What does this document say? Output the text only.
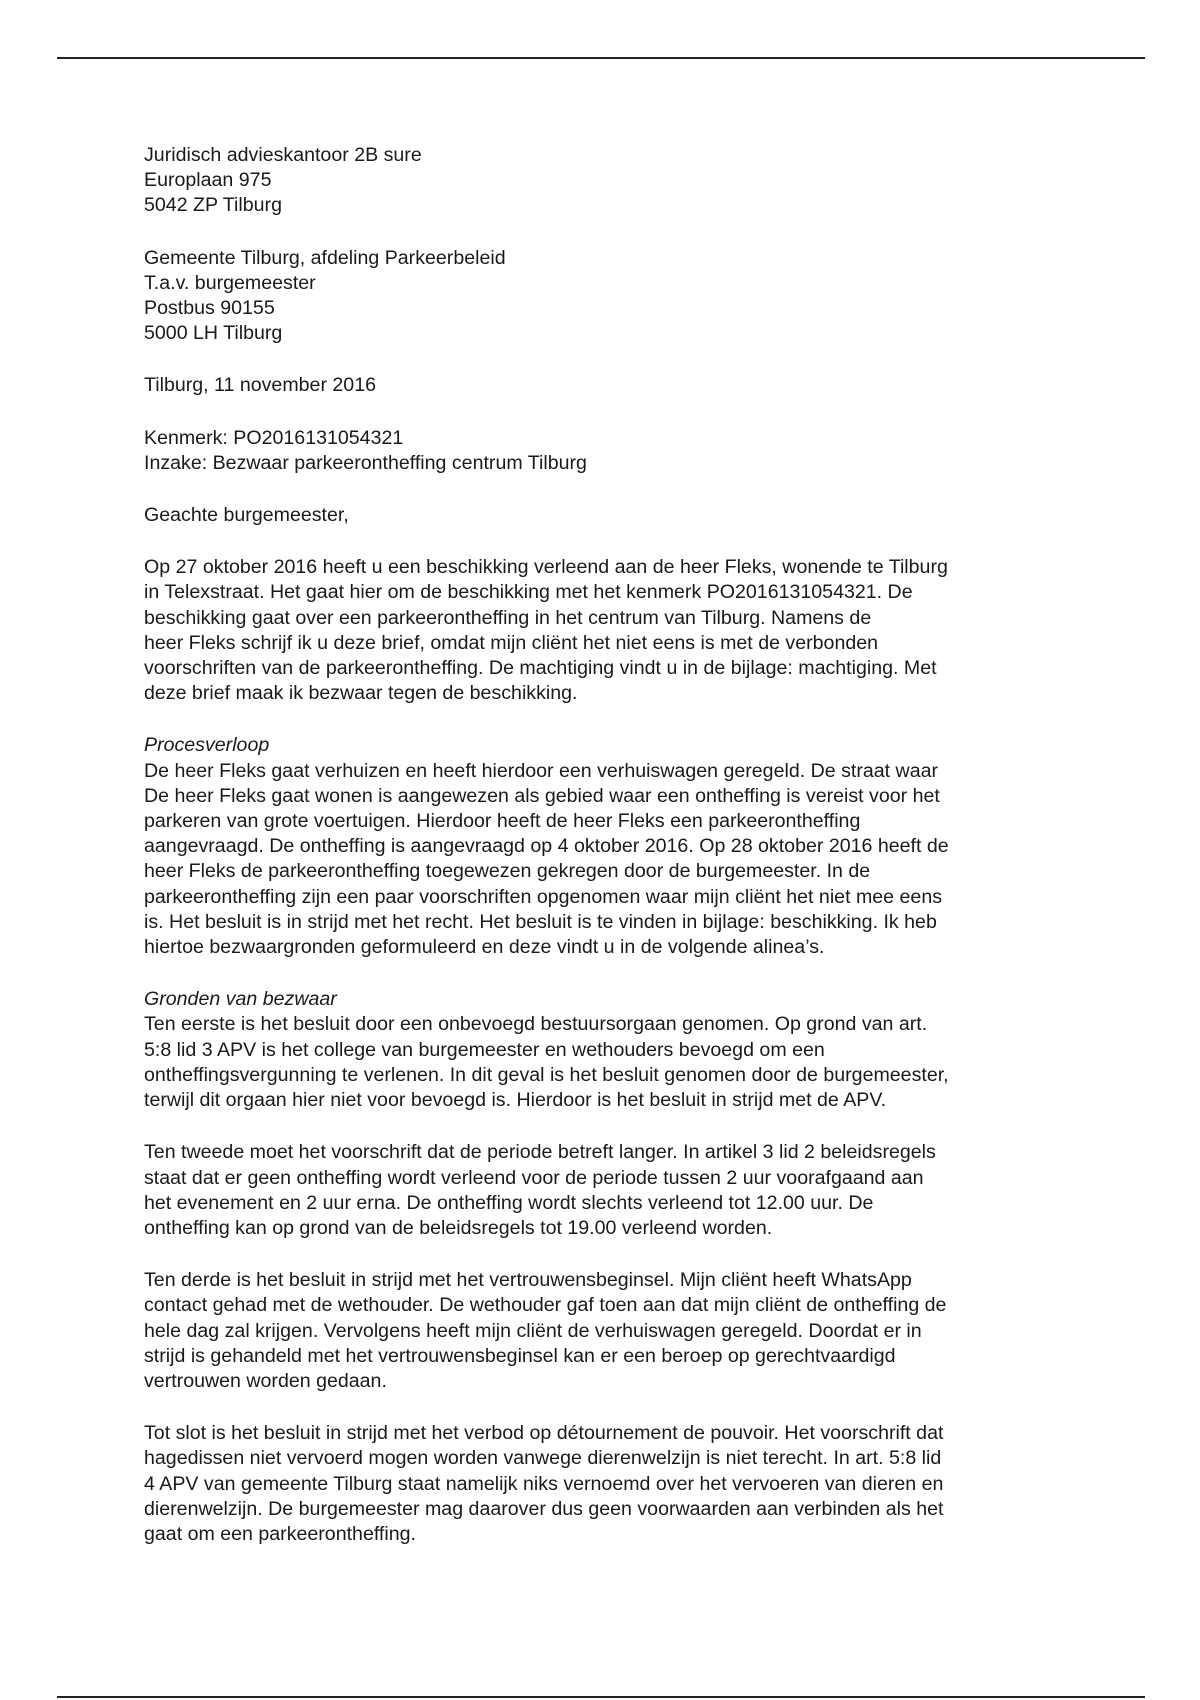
Juridisch advieskantoor 2B sure
Europlaan 975
5042 ZP Tilburg
Gemeente Tilburg, afdeling Parkeerbeleid
T.a.v. burgemeester
Postbus 90155
5000 LH Tilburg
Tilburg, 11 november 2016
Kenmerk: PO2016131054321
Inzake: Bezwaar parkeerontheffing centrum Tilburg
Geachte burgemeester,
Op 27 oktober 2016 heeft u een beschikking verleend aan de heer Fleks, wonende te Tilburg
in Telexstraat. Het gaat hier om de beschikking met het kenmerk PO2016131054321. De
beschikking gaat over een parkeerontheffing in het centrum van Tilburg. Namens de
heer Fleks schrijf ik u deze brief, omdat mijn cliënt het niet eens is met de verbonden
voorschriften van de parkeerontheffing. De machtiging vindt u in de bijlage: machtiging. Met
deze brief maak ik bezwaar tegen de beschikking.
Procesverloop
De heer Fleks gaat verhuizen en heeft hierdoor een verhuiswagen geregeld. De straat waar
De heer Fleks gaat wonen is aangewezen als gebied waar een ontheffing is vereist voor het
parkeren van grote voertuigen. Hierdoor heeft de heer Fleks een parkeerontheffing
aangevraagd. De ontheffing is aangevraagd op 4 oktober 2016. Op 28 oktober 2016 heeft de
heer Fleks de parkeerontheffing toegewezen gekregen door de burgemeester. In de
parkeerontheffing zijn een paar voorschriften opgenomen waar mijn cliënt het niet mee eens
is. Het besluit is in strijd met het recht. Het besluit is te vinden in bijlage: beschikking. Ik heb
hiertoe bezwaargronden geformuleerd en deze vindt u in de volgende alinea’s.
Gronden van bezwaar
Ten eerste is het besluit door een onbevoegd bestuursorgaan genomen. Op grond van art.
5:8 lid 3 APV is het college van burgemeester en wethouders bevoegd om een
ontheffingsvergunning te verlenen. In dit geval is het besluit genomen door de burgemeester,
terwijl dit orgaan hier niet voor bevoegd is. Hierdoor is het besluit in strijd met de APV.
Ten tweede moet het voorschrift dat de periode betreft langer. In artikel 3 lid 2 beleidsregels
staat dat er geen ontheffing wordt verleend voor de periode tussen 2 uur voorafgaand aan
het evenement en 2 uur erna. De ontheffing wordt slechts verleend tot 12.00 uur. De
ontheffing kan op grond van de beleidsregels tot 19.00 verleend worden.
Ten derde is het besluit in strijd met het vertrouwensbeginsel. Mijn cliënt heeft WhatsApp
contact gehad met de wethouder. De wethouder gaf toen aan dat mijn cliënt de ontheffing de
hele dag zal krijgen. Vervolgens heeft mijn cliënt de verhuiswagen geregeld. Doordat er in
strijd is gehandeld met het vertrouwensbeginsel kan er een beroep op gerechtvaardigd
vertrouwen worden gedaan.
Tot slot is het besluit in strijd met het verbod op détournement de pouvoir. Het voorschrift dat
hagedissen niet vervoerd mogen worden vanwege dierenwelzijn is niet terecht. In art. 5:8 lid
4 APV van gemeente Tilburg staat namelijk niks vernoemd over het vervoeren van dieren en
dierenwelzijn. De burgemeester mag daarover dus geen voorwaarden aan verbinden als het
gaat om een parkeerontheffing.
